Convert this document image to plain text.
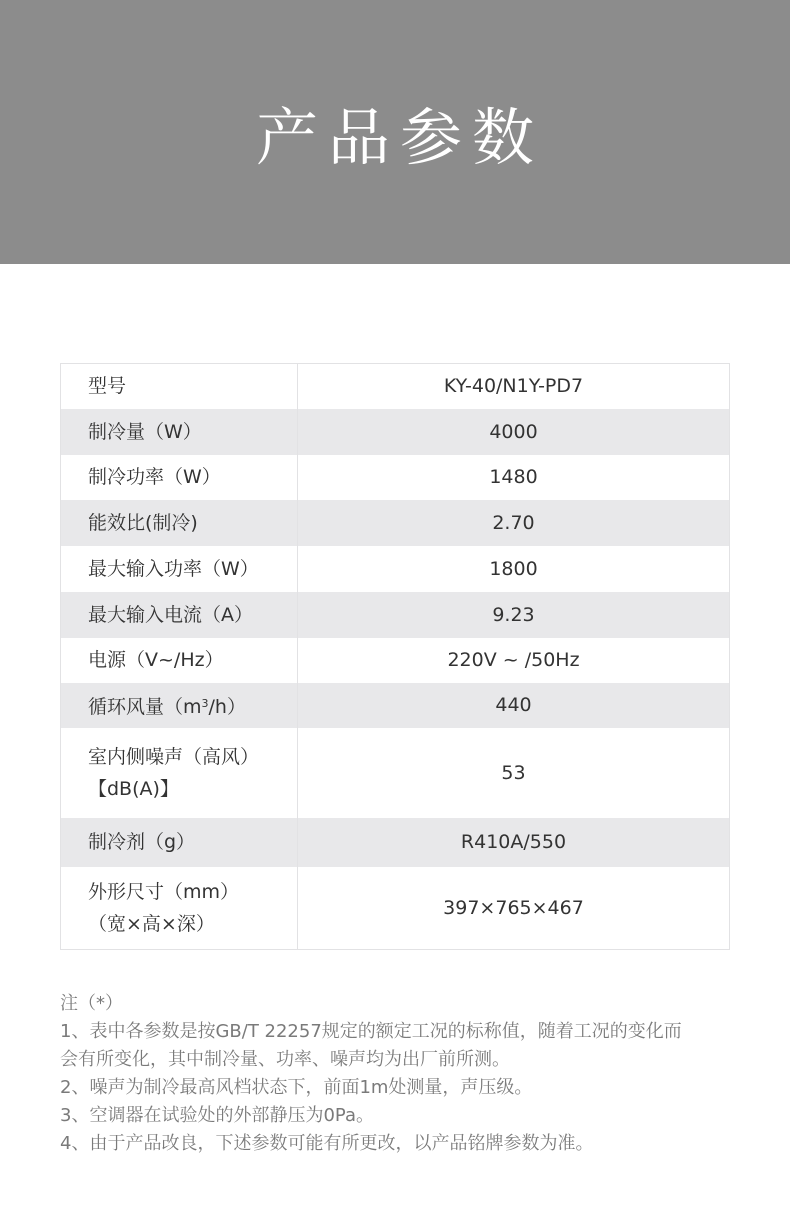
产品参数
型号	KY-40/N1Y-PD7
制冷量（W）	4000
制冷功率（W）	1480
能效比(制冷)	2.70
最大输入功率（W）	1800
最大输入电流（A）	9.23
电源（V~/Hz）	220V ~ /50Hz
循环风量$(m^3/h)$	440
室内侧噪声（高风）
【dB(A)】	53
制冷剂（g）	R410A/550
外形尺寸（mm）
（宽×高×深）	397×765×467

注（*）

1、表中各参数是按GB/T 22257规定的额定工况的标称值，随着工况的变化而

会有所变化，其中制冷量、功率、噪声均为出厂前所测。

2、噪声为制冷最高风档状态下，前面1m处测量，声压级。

3、空调器在试验处的外部静压为0Pa。

4、由于产品改良，下述参数可能有所更改，以产品铭牌参数为准。
